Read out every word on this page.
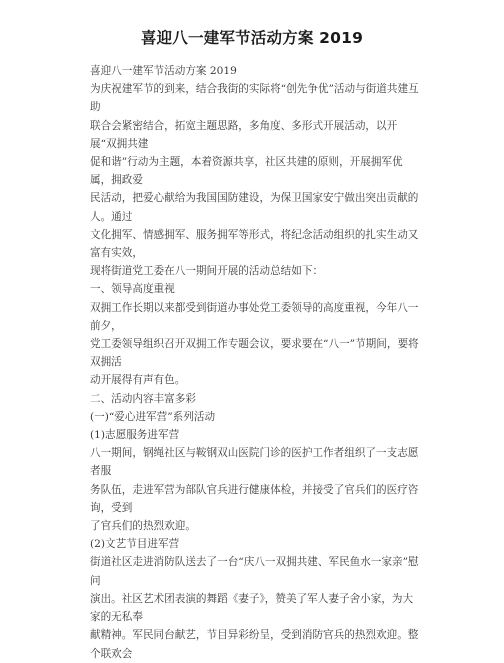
喜迎八一建军节活动方案 2019

喜迎八一建军节活动方案 2019

为庆祝建军节的到来，结合我街的实际将“创先争优”活动与街道共建互助
联合会紧密结合，拓宽主题思路，多角度、多形式开展活动，以开展“双拥共建
促和谐”行动为主题，本着资源共享，社区共建的原则，开展拥军优属，拥政爱
民活动，把爱心献给为我国国防建设，为保卫国家安宁做出突出贡献的人。通过
文化拥军、情感拥军、服务拥军等形式，将纪念活动组织的扎实生动又富有实效，
现将街道党工委在八一期间开展的活动总结如下：

一、领导高度重视

双拥工作长期以来都受到街道办事处党工委领导的高度重视，今年八一前夕，
党工委领导组织召开双拥工作专题会议，要求要在“八一”节期间，要将双拥活
动开展得有声有色。

二、活动内容丰富多彩

(一)“爱心进军营”系列活动

(1)志愿服务进军营

八一期间，钢绳社区与鞍钢双山医院门诊的医护工作者组织了一支志愿者服
务队伍，走进军营为部队官兵进行健康体检，并接受了官兵们的医疗咨询，受到
了官兵们的热烈欢迎。

(2)文艺节目进军营

街道社区走进消防队送去了一台“庆八一双拥共建、军民鱼水一家亲”慰问
演出。社区艺术团表演的舞蹈《妻子》，赞美了军人妻子舍小家，为大家的无私奉
献精神。军民同台献艺，节目异彩纷呈，受到消防官兵的热烈欢迎。整个联欢会
